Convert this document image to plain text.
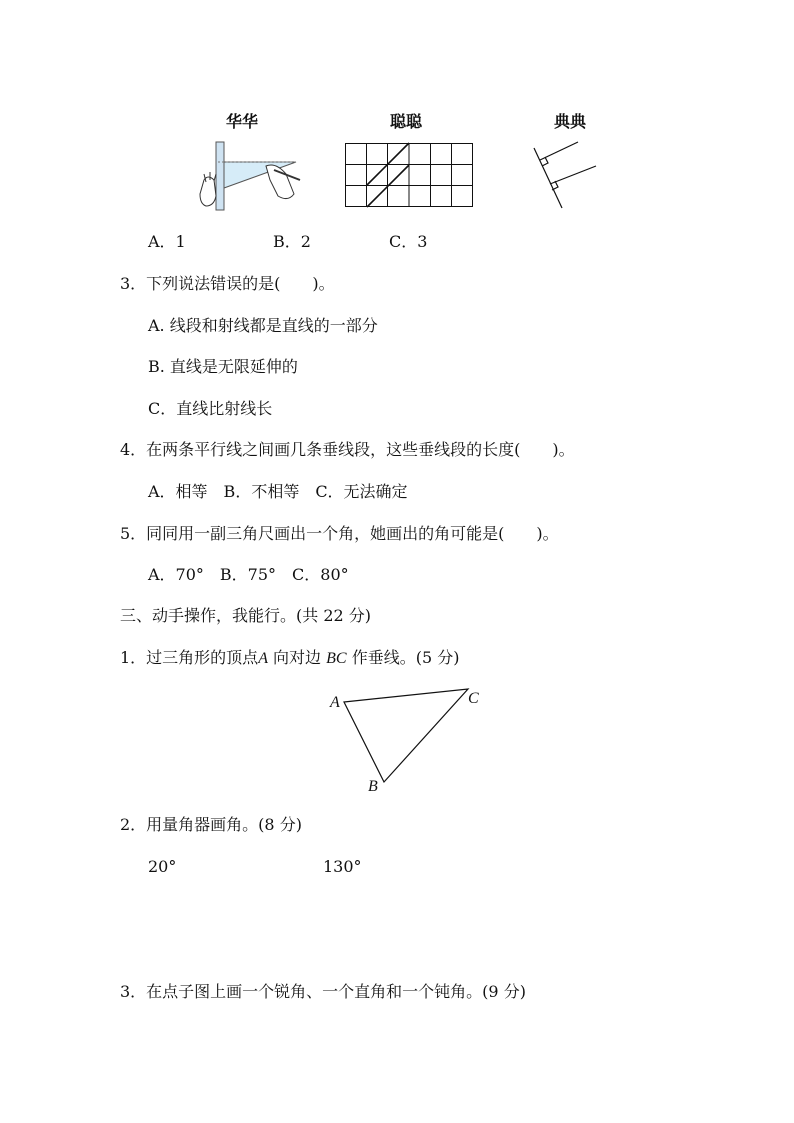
华华	聪聪	典典
A．1	B．2	C．3
3．下列说法错误的是(　　)。
A. 线段和射线都是直线的一部分
B. 直线是无限延伸的
C．直线比射线长
4．在两条平行线之间画几条垂线段，这些垂线段的长度(　　)。
A．相等　B．不相等　C．无法确定
5．同同用一副三角尺画出一个角，她画出的角可能是(　　)。
A．70°　B．75°　C．80°
三、动手操作，我能行。(共 22 分)
1．过三角形的顶点A 向对边 BC 作垂线。(5 分)
A	C
B
2．用量角器画角。(8 分)
20°	130°
3．在点子图上画一个锐角、一个直角和一个钝角。(9 分)
